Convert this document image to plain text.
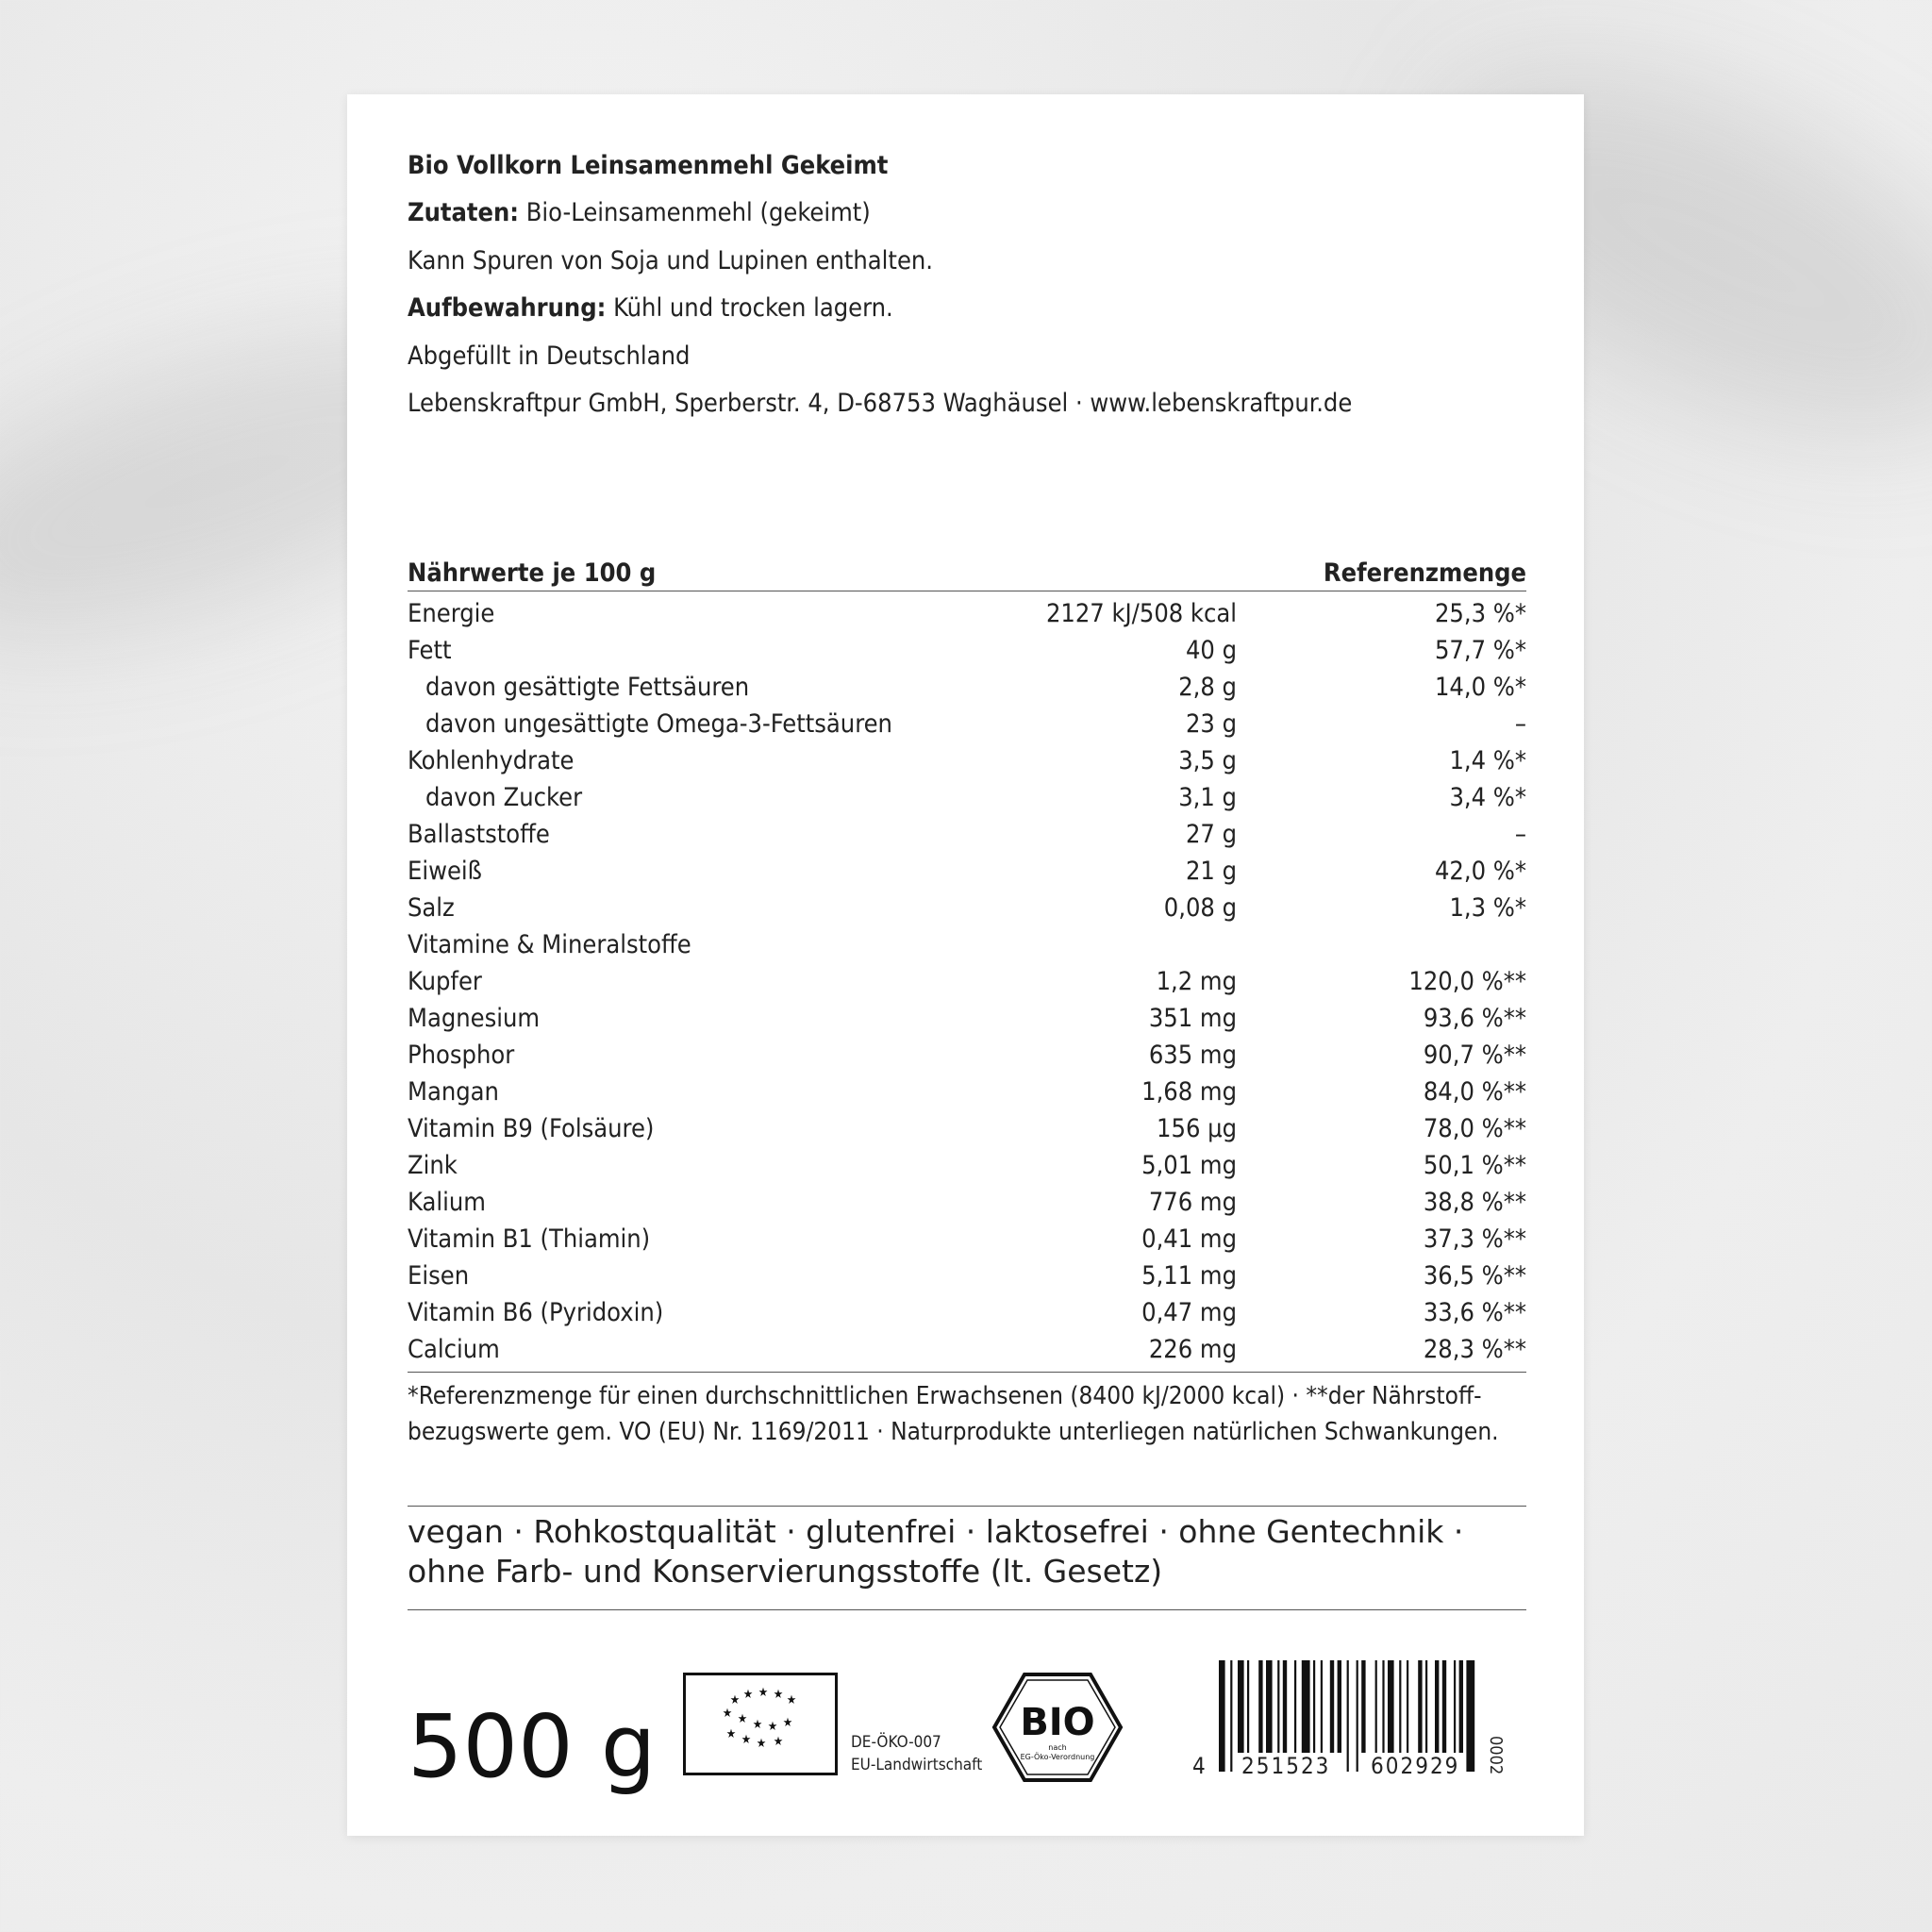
Bio Vollkorn Leinsamenmehl Gekeimt
Zutaten: Bio-Leinsamenmehl (gekeimt)
Kann Spuren von Soja und Lupinen enthalten.
Aufbewahrung: Kühl und trocken lagern.
Abgefüllt in Deutschland
Lebenskraftpur GmbH, Sperberstr. 4, D-68753 Waghäusel · www.lebenskraftpur.de
Nährwerte je 100 g	Referenzmenge
Energie	2127 kJ/508 kcal	25,3 %*
Fett	40 g	57,7 %*
davon gesättigte Fettsäuren	2,8 g	14,0 %*
davon ungesättigte Omega-3-Fettsäuren	23 g	–
Kohlenhydrate	3,5 g	1,4 %*
davon Zucker	3,1 g	3,4 %*
Ballaststoffe	27 g	–
Eiweiß	21 g	42,0 %*
Salz	0,08 g	1,3 %*
Vitamine & Mineralstoffe
Kupfer	1,2 mg	120,0 %**
Magnesium	351 mg	93,6 %**
Phosphor	635 mg	90,7 %**
Mangan	1,68 mg	84,0 %**
Vitamin B9 (Folsäure)	156 µg	78,0 %**
Zink	5,01 mg	50,1 %**
Kalium	776 mg	38,8 %**
Vitamin B1 (Thiamin)	0,41 mg	37,3 %**
Eisen	5,11 mg	36,5 %**
Vitamin B6 (Pyridoxin)	0,47 mg	33,6 %**
Calcium	226 mg	28,3 %**
*Referenzmenge für einen durchschnittlichen Erwachsenen (8400 kJ/2000 kcal) · **der Nährstoff-
bezugswerte gem. VO (EU) Nr. 1169/2011 · Naturprodukte unterliegen natürlichen Schwankungen.
vegan · Rohkostqualität · glutenfrei · laktosefrei · ohne Gentechnik ·
ohne Farb- und Konservierungsstoffe (lt. Gesetz)
500 g	★ ★ ★ ★ ★
★ ★ ★ ★ ★
★ ★ ★ ★	DE-ÖKO-007
EU-Landwirtschaft
BIO
nach
EG-Öko-Verordnung	4 251523 602929 0002
